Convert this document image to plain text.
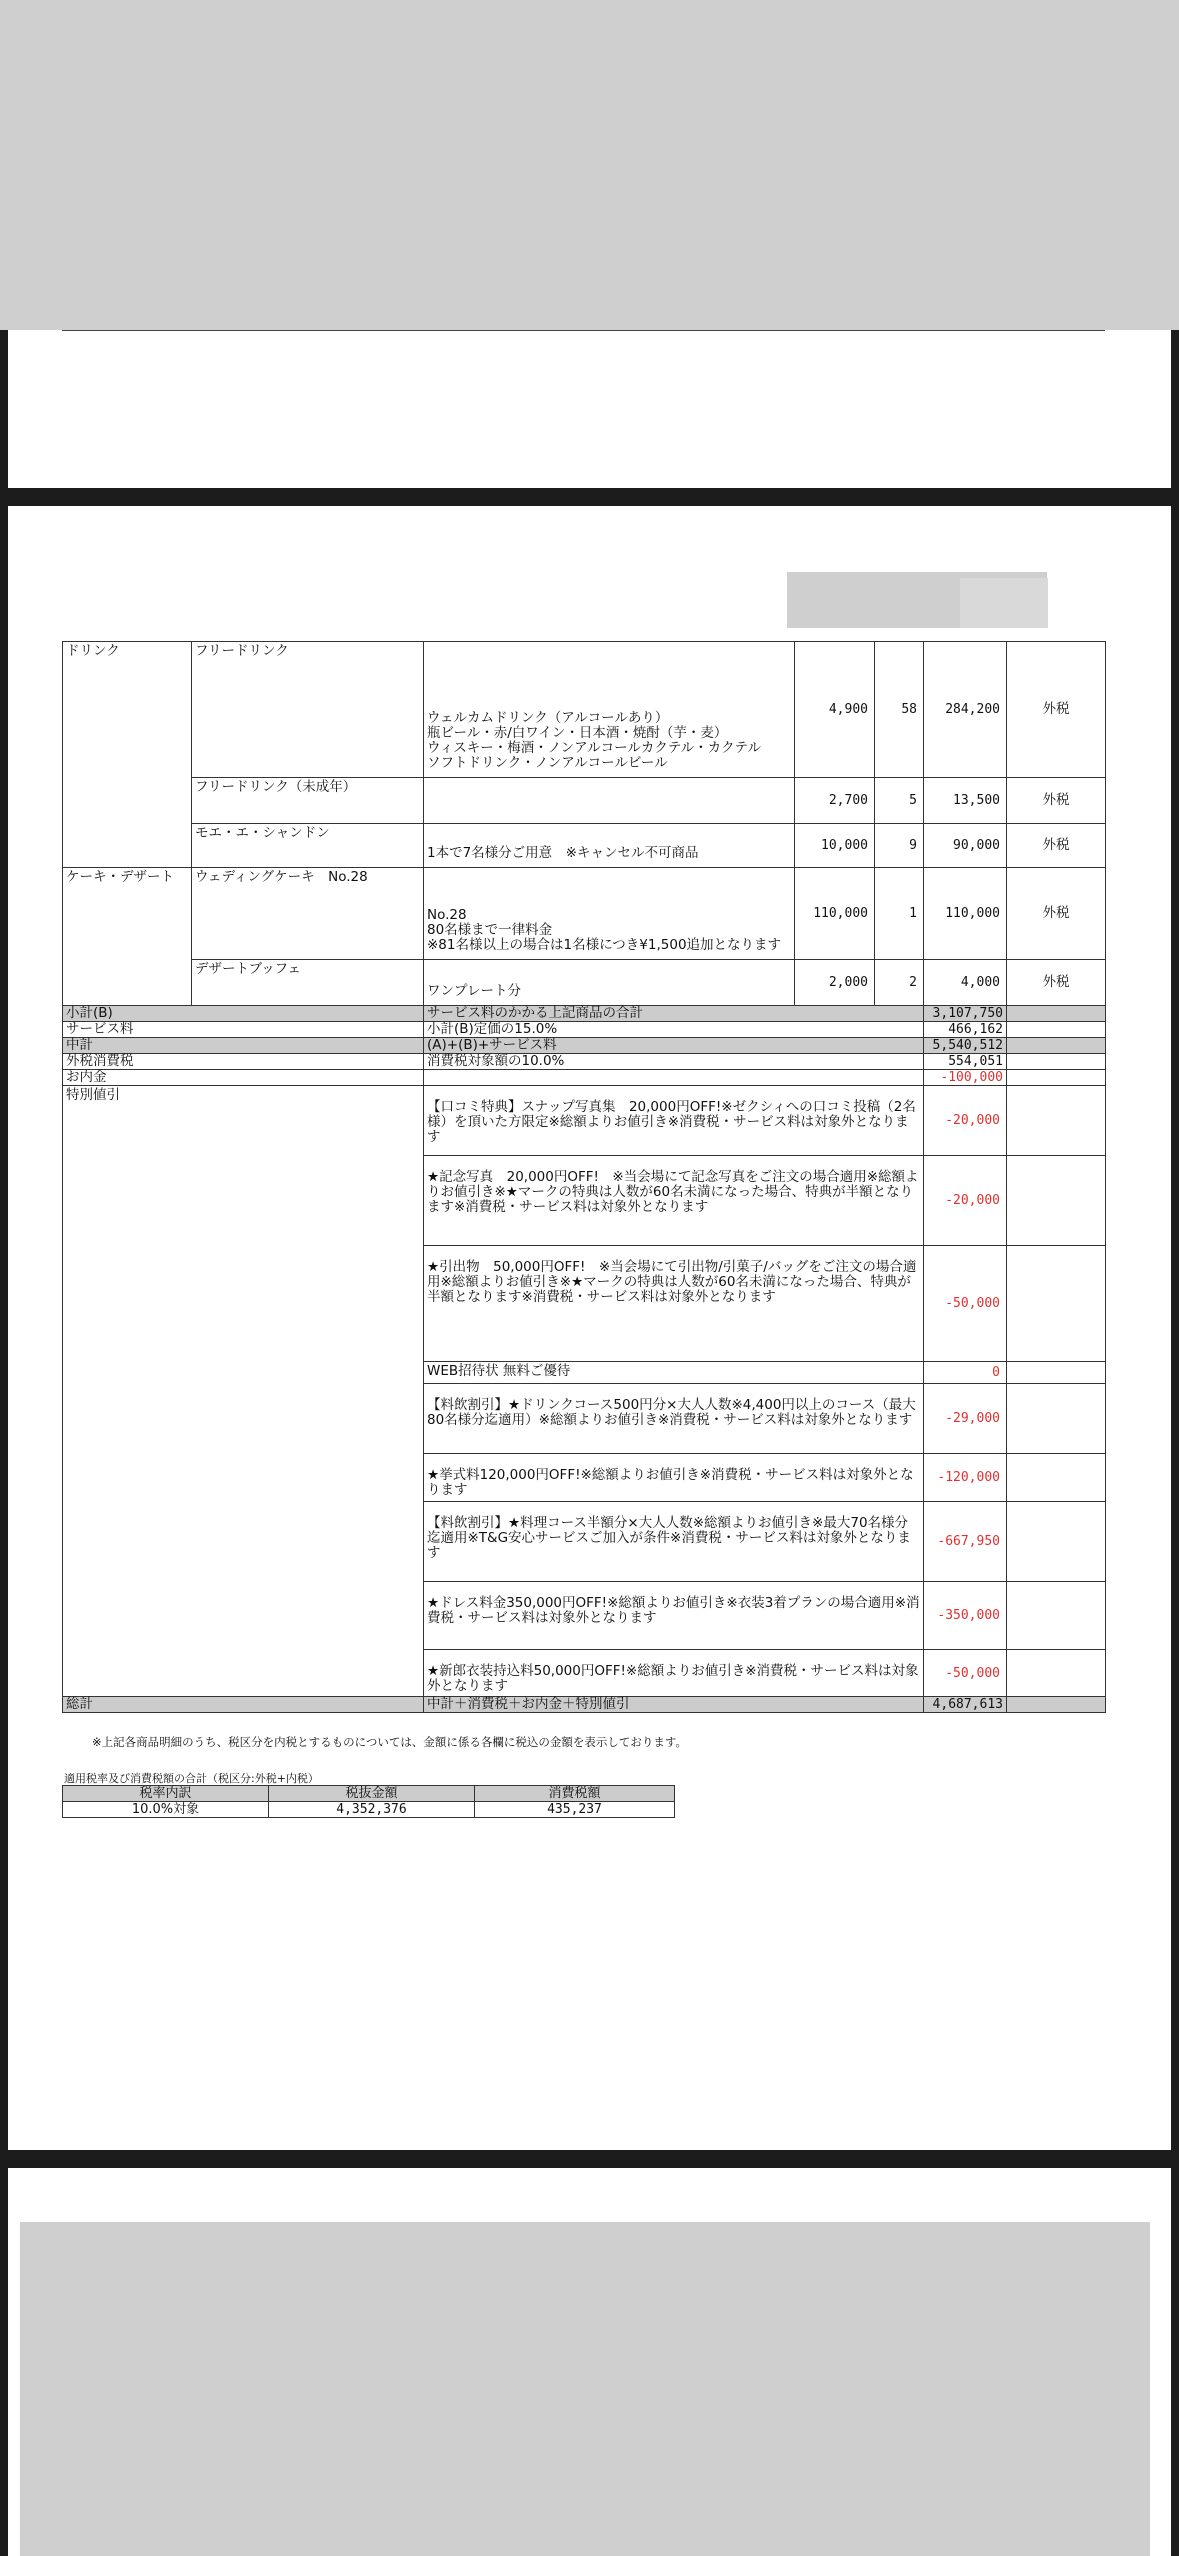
ドリンク	フリードリンク	ウェルカムドリンク（アルコールあり）
瓶ビール・赤/白ワイン・日本酒・焼酎（芋・麦）
ウィスキー・梅酒・ノンアルコールカクテル・カクテル
ソフトドリンク・ノンアルコールビール	4,900	58	284,200	外税
	フリードリンク（未成年）		2,700	5	13,500	外税
	モエ・エ・シャンドン	1本で7名様分ご用意　※キャンセル不可商品	10,000	9	90,000	外税
ケーキ・デザート	ウェディングケーキ　No.28	No.28
80名様まで一律料金
※81名様以上の場合は1名様につき¥1,500追加となります	110,000	1	110,000	外税
	デザートブッフェ	ワンプレート分	2,000	2	4,000	外税
小計(B)		サービス料のかかる上記商品の合計			3,107,750	
サービス料		小計(B)定価の15.0%			466,162	
中計		(A)+(B)+サービス料			5,540,512	
外税消費税		消費税対象額の10.0%			554,051	
お内金					-100,000	
特別値引		【口コミ特典】スナップ写真集　20,000円OFF!※ゼクシィへの口コミ投稿（2名様）を頂いた方限定※総額よりお値引き※消費税・サービス料は対象外となります			-20,000	
		★記念写真　20,000円OFF!　※当会場にて記念写真をご注文の場合適用※総額よりお値引き※★マークの特典は人数が60名未満になった場合、特典が半額となります※消費税・サービス料は対象外となります			-20,000	
		★引出物　50,000円OFF!　※当会場にて引出物/引菓子/バッグをご注文の場合適用※総額よりお値引き※★マークの特典は人数が60名未満になった場合、特典が半額となります※消費税・サービス料は対象外となります			-50,000	
		WEB招待状 無料ご優待			0	
		【料飲割引】★ドリンクコース500円分×大人人数※4,400円以上のコース（最大80名様分迄適用）※総額よりお値引き※消費税・サービス料は対象外となります			-29,000	
		★挙式料120,000円OFF!※総額よりお値引き※消費税・サービス料は対象外となります			-120,000	
		【料飲割引】★料理コース半額分×大人人数※総額よりお値引き※最大70名様分迄適用※T&G安心サービスご加入が条件※消費税・サービス料は対象外となります			-667,950	
		★ドレス料金350,000円OFF!※総額よりお値引き※衣装3着プランの場合適用※消費税・サービス料は対象外となります			-350,000	
		★新郎衣装持込料50,000円OFF!※総額よりお値引き※消費税・サービス料は対象外となります			-50,000	
総計		中計＋消費税＋お内金＋特別値引			4,687,613	
※上記各商品明細のうち、税区分を内税とするものについては、金額に係る各欄に税込の金額を表示しております。
適用税率及び消費税額の合計（税区分:外税+内税）
税率内訳	税抜金額	消費税額
10.0%対象	4,352,376	435,237
